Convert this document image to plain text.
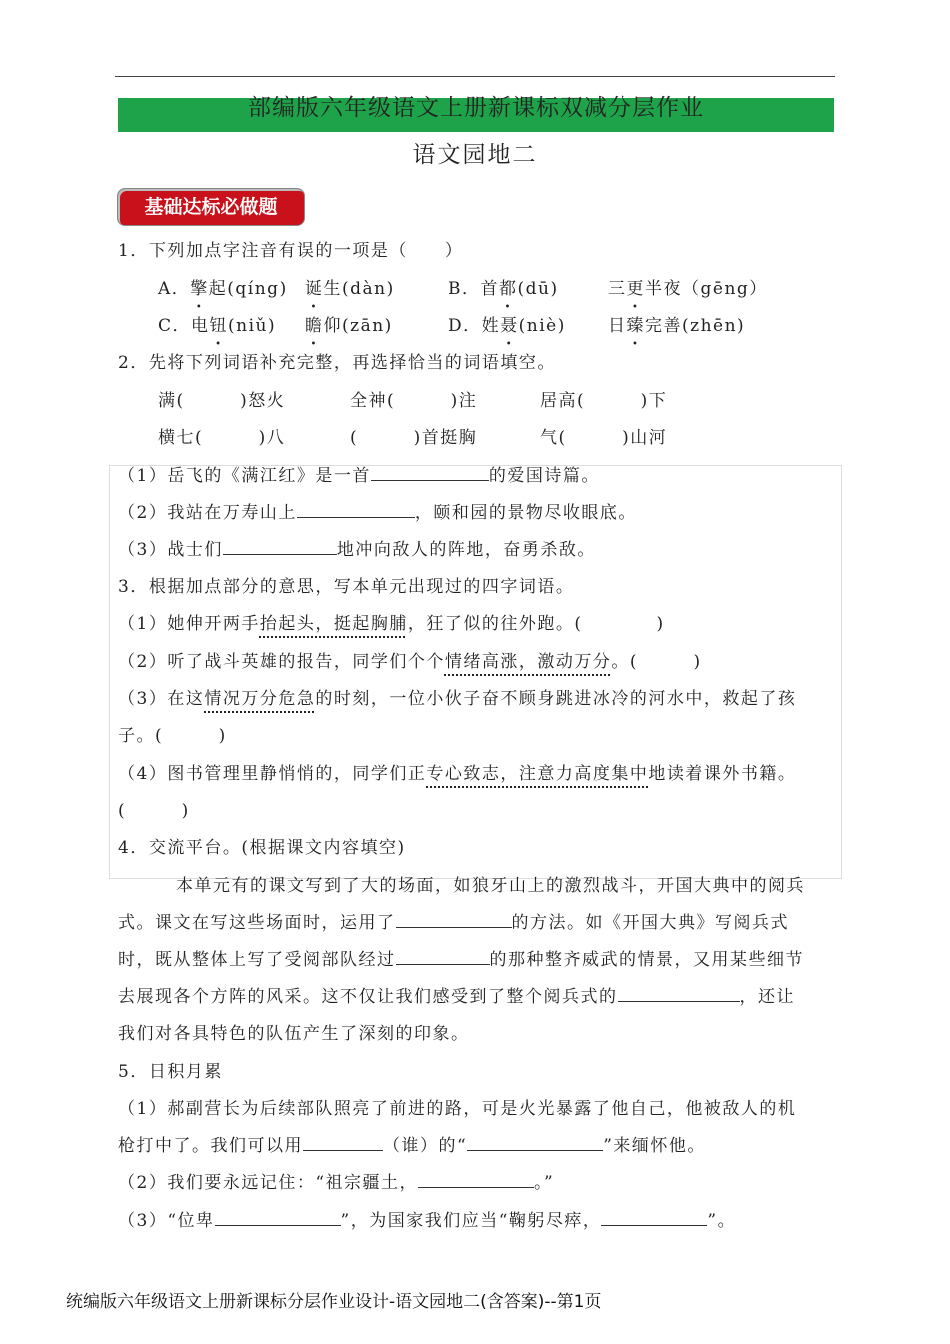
部编版六年级语文上册新课标双减分层作业
语文园地二
基础达标必做题
1．下列加点字注音有误的一项是（　　）
A．擎起(qíng) 诞生(dàn)	B．首都(dū)	三更半夜（gēng）
C．电钮(niǔ) 瞻仰(zān)	D．姓聂(niè) 日臻完善(zhēn)
2．先将下列词语补充完整，再选择恰当的词语填空。
满(　　　)怒火	全神(　　　)注	居高(　　　)下
横七(　　　)八	(　　　)首挺胸	气(　　　)山河
（1）岳飞的《满江红》是一首	的爱国诗篇。
（2）我站在万寿山上	，颐和园的景物尽收眼底。
（3）战士们	地冲向敌人的阵地，奋勇杀敌。
3．根据加点部分的意思，写本单元出现过的四字词语。
（1）她伸开两手抬起头，挺起胸脯，狂了似的往外跑。(　　　　)
（2）听了战斗英雄的报告，同学们个个情绪高涨，激动万分。(　　　)
（3）在这情况万分危急的时刻，一位小伙子奋不顾身跳进冰冷的河水中，救起了孩
子。(　　　)
（4）图书管理里静悄悄的，同学们正专心致志，注意力高度集中地读着课外书籍。
(　　　)
4．交流平台。(根据课文内容填空)
本单元有的课文写到了大的场面，如狼牙山上的激烈战斗，开国大典中的阅兵
式。课文在写这些场面时，运用了	的方法。如《开国大典》写阅兵式
时，既从整体上写了受阅部队经过	的那种整齐威武的情景，又用某些细节
去展现各个方阵的风采。这不仅让我们感受到了整个阅兵式的	，还让
我们对各具特色的队伍产生了深刻的印象。
5．日积月累
（1）郝副营长为后续部队照亮了前进的路，可是火光暴露了他自己，他被敌人的机
枪打中了。我们可以用	（谁）的“	”来缅怀他。
（2）我们要永远记住：“祖宗疆土，	。”
（3）“位卑	”，为国家我们应当“鞠躬尽瘁，	”。
统编版六年级语文上册新课标分层作业设计-语文园地二(含答案)--第1页
